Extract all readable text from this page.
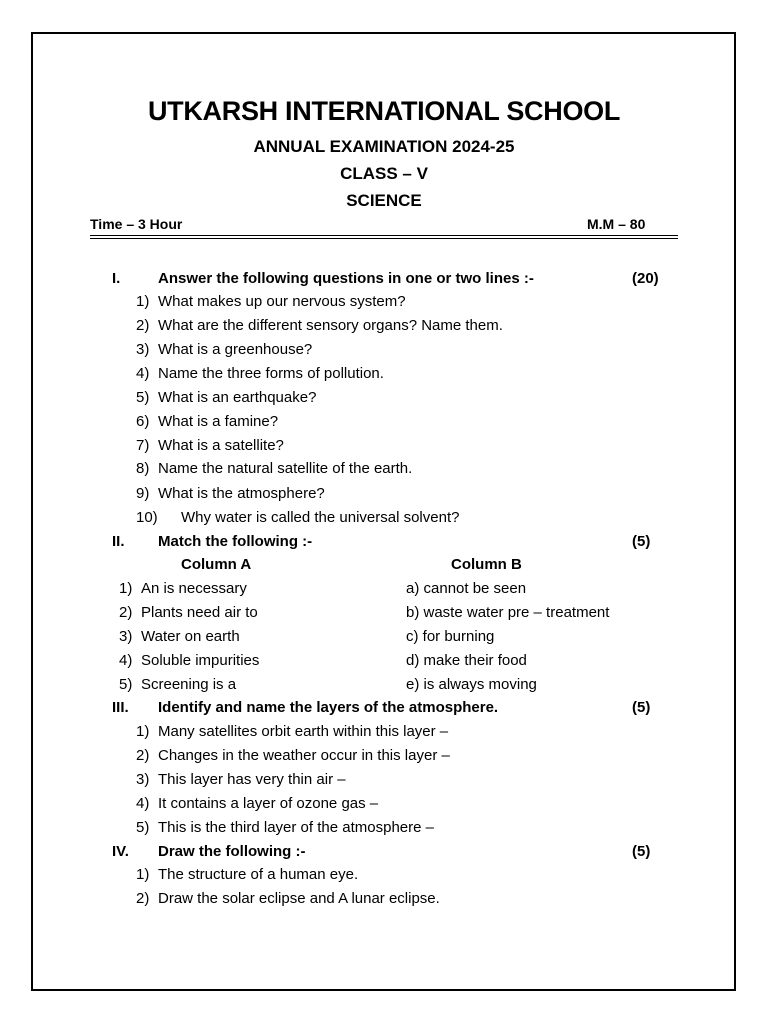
UTKARSH INTERNATIONAL SCHOOL
ANNUAL EXAMINATION 2024-25
CLASS – V
SCIENCE
Time – 3 Hour	M.M – 80
I.	Answer the following questions in one or two lines :-	(20)
1) What makes up our nervous system?
2) What are the different sensory organs? Name them.
3) What is a greenhouse?
4) Name the three forms of pollution.
5) What is an earthquake?
6) What is a famine?
7) What is a satellite?
8) Name the natural satellite of the earth.
9) What is the atmosphere?
10) Why water is called the universal solvent?
II. Match the following :-	(5)
Column A	Column B
1) An is necessary	a) cannot be seen
2) Plants need air to	b) waste water pre – treatment
3) Water on earth	c) for burning
4) Soluble impurities	d) make their food
5) Screening is a	e) is always moving
III. Identify and name the layers of the atmosphere.	(5)
1) Many satellites orbit earth within this layer –
2) Changes in the weather occur in this layer –
3) This layer has very thin air –
4) It contains a layer of ozone gas –
5) This is the third layer of the atmosphere –
IV. Draw the following :-	(5)
1) The structure of a human eye.
2) Draw the solar eclipse and A lunar eclipse.
